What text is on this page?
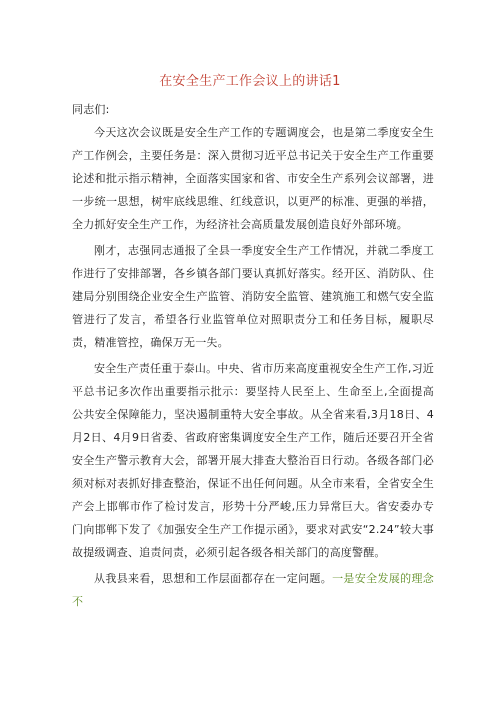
在安全生产工作会议上的讲话1

同志们:

今天这次会议既是安全生产工作的专题调度会，也是第二季度安全生产工作例会，主要任务是：深入贯彻习近平总书记关于安全生产工作重要论述和批示指示精神，全面落实国家和省、市安全生产系列会议部署，进一步统一思想，树牢底线思维、红线意识，以更严的标准、更强的举措，全力抓好安全生产工作，为经济社会高质量发展创造良好外部环境。

刚才，志强同志通报了全县一季度安全生产工作情况，并就二季度工作进行了安排部署，各乡镇各部门要认真抓好落实。经开区、消防队、住建局分别围绕企业安全生产监管、消防安全监管、建筑施工和燃气安全监管进行了发言，希望各行业监管单位对照职责分工和任务目标，履职尽责，精准管控，确保万无一失。

安全生产责任重于泰山。中央、省市历来高度重视安全生产工作,习近平总书记多次作出重要指示批示：要坚持人民至上、生命至上,全面提高公共安全保障能力，坚决遏制重特大安全事故。从全省来看,3月18日、4月2日、4月9日省委、省政府密集调度安全生产工作，随后还要召开全省安全生产警示教育大会，部署开展大排查大整治百日行动。各级各部门必须对标对表抓好排查整治，保证不出任何问题。从全市来看，全省安全生产会上邯郸市作了检讨发言，形势十分严峻,压力异常巨大。省安委办专门向邯郸下发了《加强安全生产工作提示函》，要求对武安“2.24”较大事故提级调查、追责问责，必须引起各级各相关部门的高度警醒。

从我县来看，思想和工作层面都存在一定问题。一是安全发展的理念不
